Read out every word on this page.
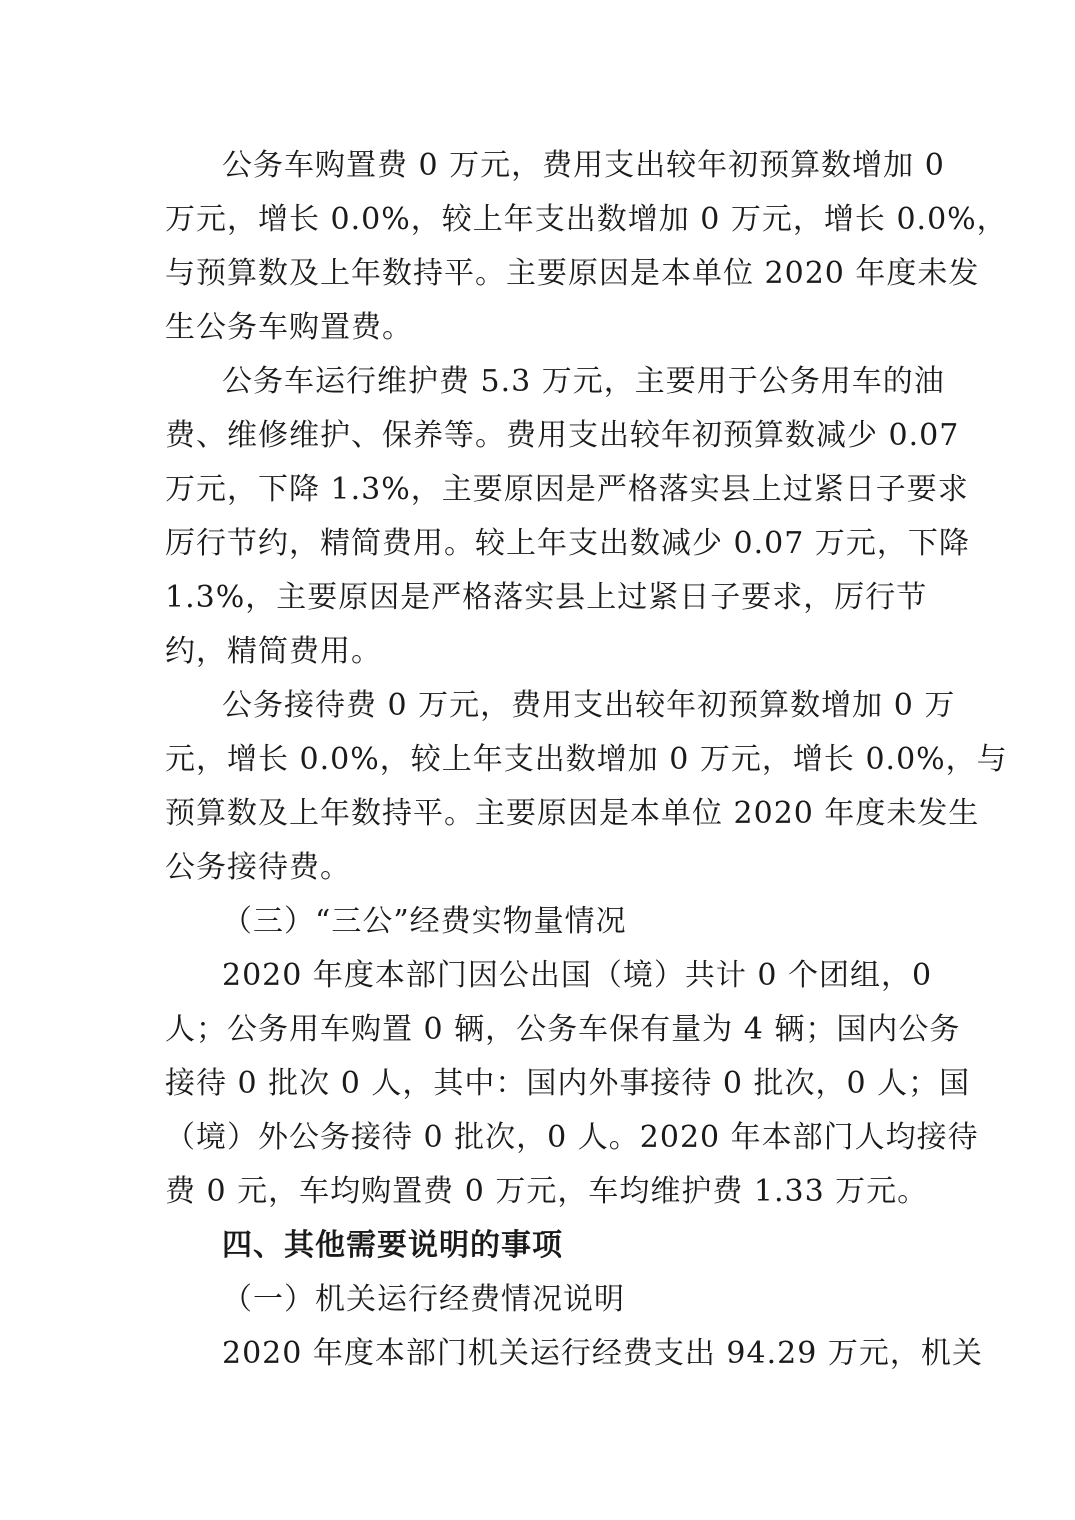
公务车购置费 0 万元，费用支出较年初预算数增加 0
万元，增长 0.0%，较上年支出数增加 0 万元，增长 0.0%，
与预算数及上年数持平。主要原因是本单位 2020 年度未发
生公务车购置费。
公务车运行维护费 5.3 万元，主要用于公务用车的油
费、维修维护、保养等。费用支出较年初预算数减少 0.07
万元，下降 1.3%，主要原因是严格落实县上过紧日子要求
厉行节约，精简费用。较上年支出数减少 0.07 万元，下降
1.3%，主要原因是严格落实县上过紧日子要求，厉行节
约，精简费用。
公务接待费 0 万元，费用支出较年初预算数增加 0 万
元，增长 0.0%，较上年支出数增加 0 万元，增长 0.0%，与
预算数及上年数持平。主要原因是本单位 2020 年度未发生
公务接待费。
（三）“三公”经费实物量情况
2020 年度本部门因公出国（境）共计 0 个团组，0
人；公务用车购置 0 辆，公务车保有量为 4 辆；国内公务
接待 0 批次 0 人，其中：国内外事接待 0 批次，0 人；国
（境）外公务接待 0 批次，0 人。2020 年本部门人均接待
费 0 元，车均购置费 0 万元，车均维护费 1.33 万元。
四、其他需要说明的事项
（一）机关运行经费情况说明
2020 年度本部门机关运行经费支出 94.29 万元，机关
